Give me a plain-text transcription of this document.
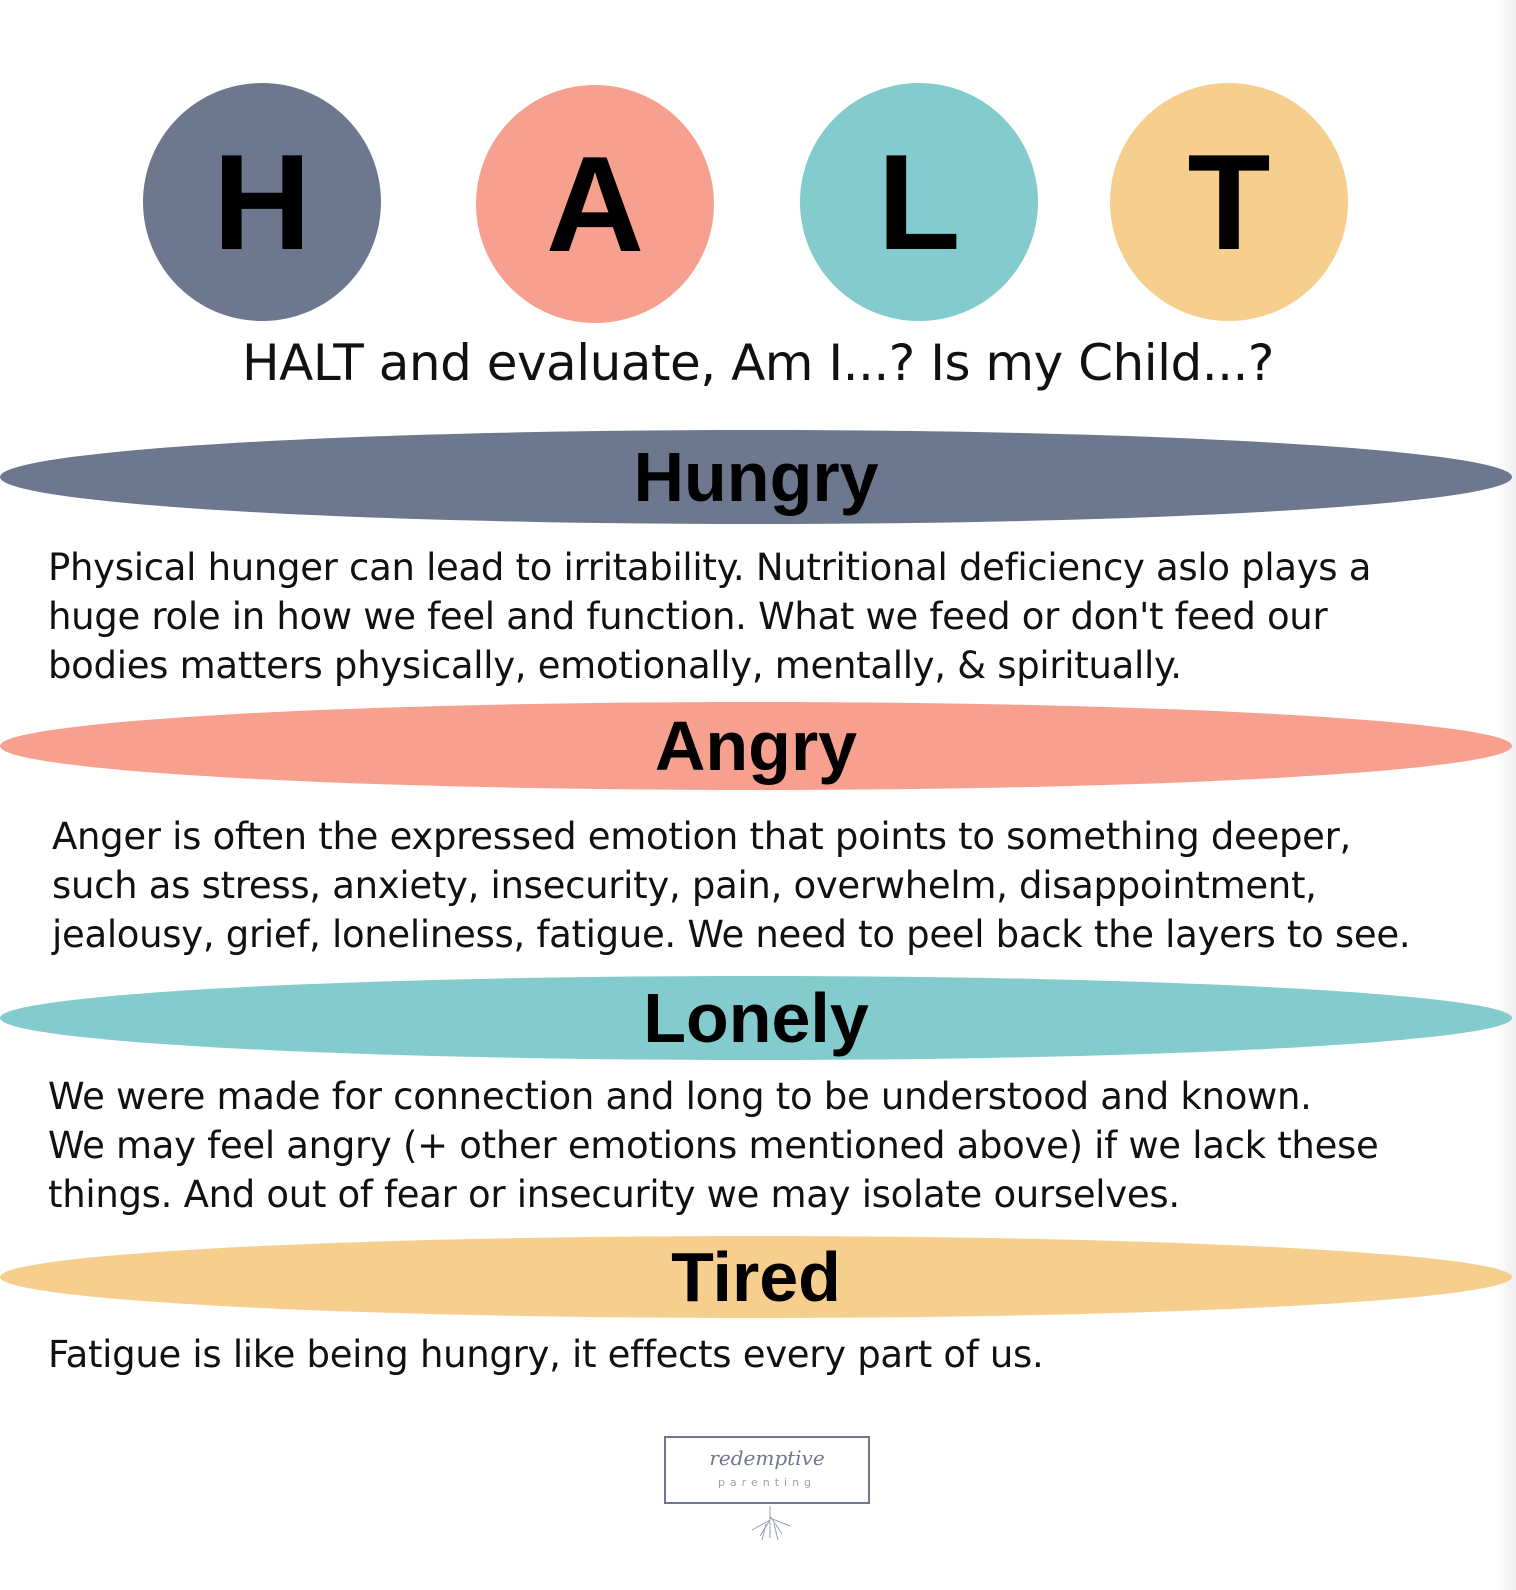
H A L T
HALT and evaluate, Am I...? Is my Child...?
Hungry
Physical hunger can lead to irritability. Nutritional deficiency aslo plays a
huge role in how we feel and function. What we feed or don't feed our
bodies matters physically, emotionally, mentally, & spiritually.
Angry
Anger is often the expressed emotion that points to something deeper,
such as stress, anxiety, insecurity, pain, overwhelm, disappointment,
jealousy, grief, loneliness, fatigue. We need to peel back the layers to see.
Lonely
We were made for connection and long to be understood and known.
We may feel angry (+ other emotions mentioned above) if we lack these
things. And out of fear or insecurity we may isolate ourselves.
Tired
Fatigue is like being hungry, it effects every part of us.
redemptive
parenting
